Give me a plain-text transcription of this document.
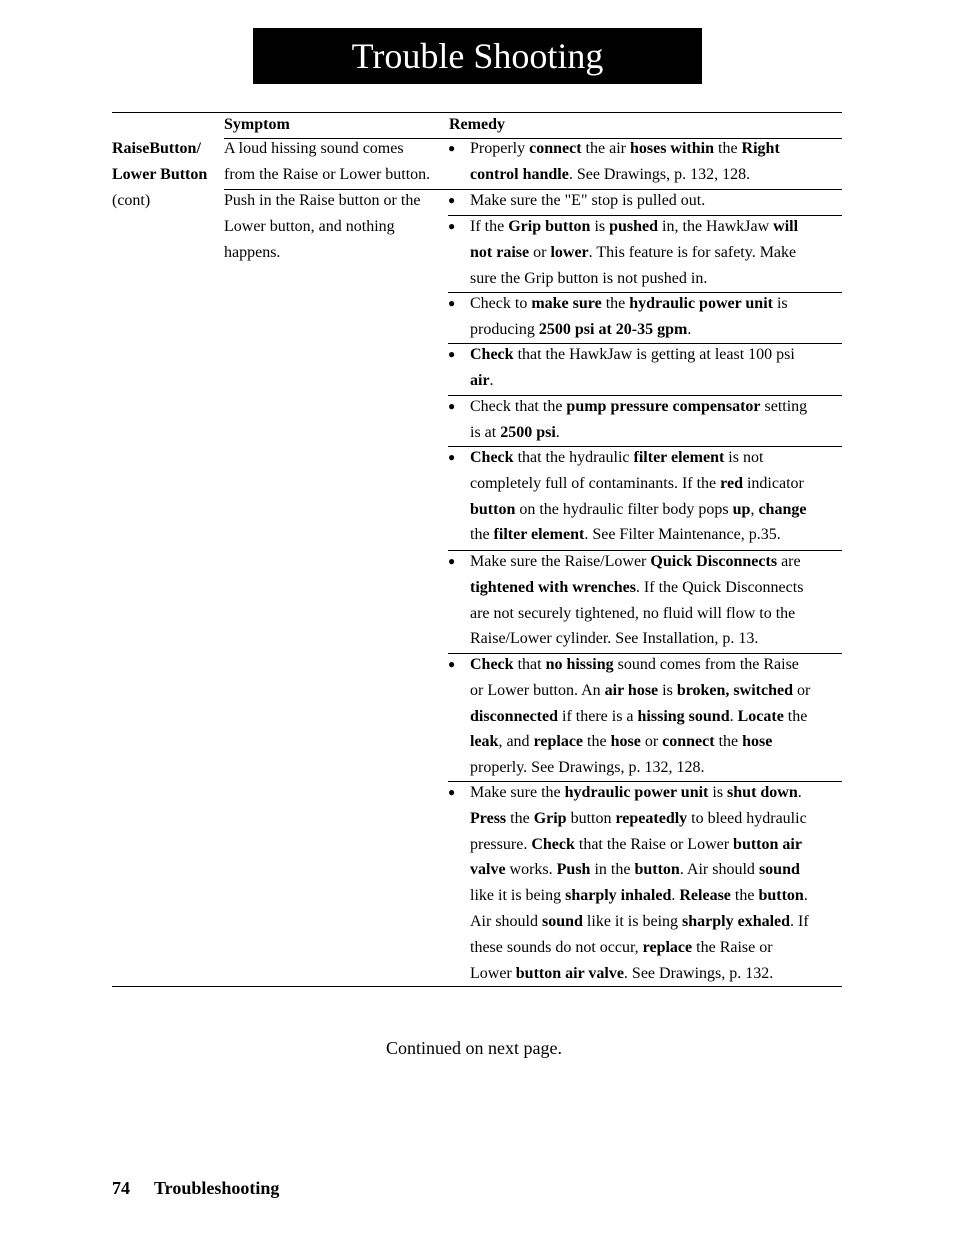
Trouble Shooting
Symptom	Remedy
RaiseButton/
Lower Button
(cont)
A loud hissing sound comes
from the Raise or Lower button.
Push in the Raise button or the
Lower button, and nothing
happens.
● Properly connect the air hoses within the Right
control handle. See Drawings, p. 132, 128.
● Make sure the "E" stop is pulled out.
● If the Grip button is pushed in, the HawkJaw will
not raise or lower. This feature is for safety. Make
sure the Grip button is not pushed in.
● Check to make sure the hydraulic power unit is
producing 2500 psi at 20-35 gpm.
● Check that the HawkJaw is getting at least 100 psi
air.
● Check that the pump pressure compensator setting
is at 2500 psi.
● Check that the hydraulic filter element is not
completely full of contaminants. If the red indicator
button on the hydraulic filter body pops up, change
the filter element. See Filter Maintenance, p.35.
● Make sure the Raise/Lower Quick Disconnects are
tightened with wrenches. If the Quick Disconnects
are not securely tightened, no fluid will flow to the
Raise/Lower cylinder. See Installation, p. 13.
● Check that no hissing sound comes from the Raise
or Lower button. An air hose is broken, switched or
disconnected if there is a hissing sound. Locate the
leak, and replace the hose or connect the hose
properly. See Drawings, p. 132, 128.
● Make sure the hydraulic power unit is shut down.
Press the Grip button repeatedly to bleed hydraulic
pressure. Check that the Raise or Lower button air
valve works. Push in the button. Air should sound
like it is being sharply inhaled. Release the button.
Air should sound like it is being sharply exhaled. If
these sounds do not occur, replace the Raise or
Lower button air valve. See Drawings, p. 132.
Continued on next page.
74 Troubleshooting
